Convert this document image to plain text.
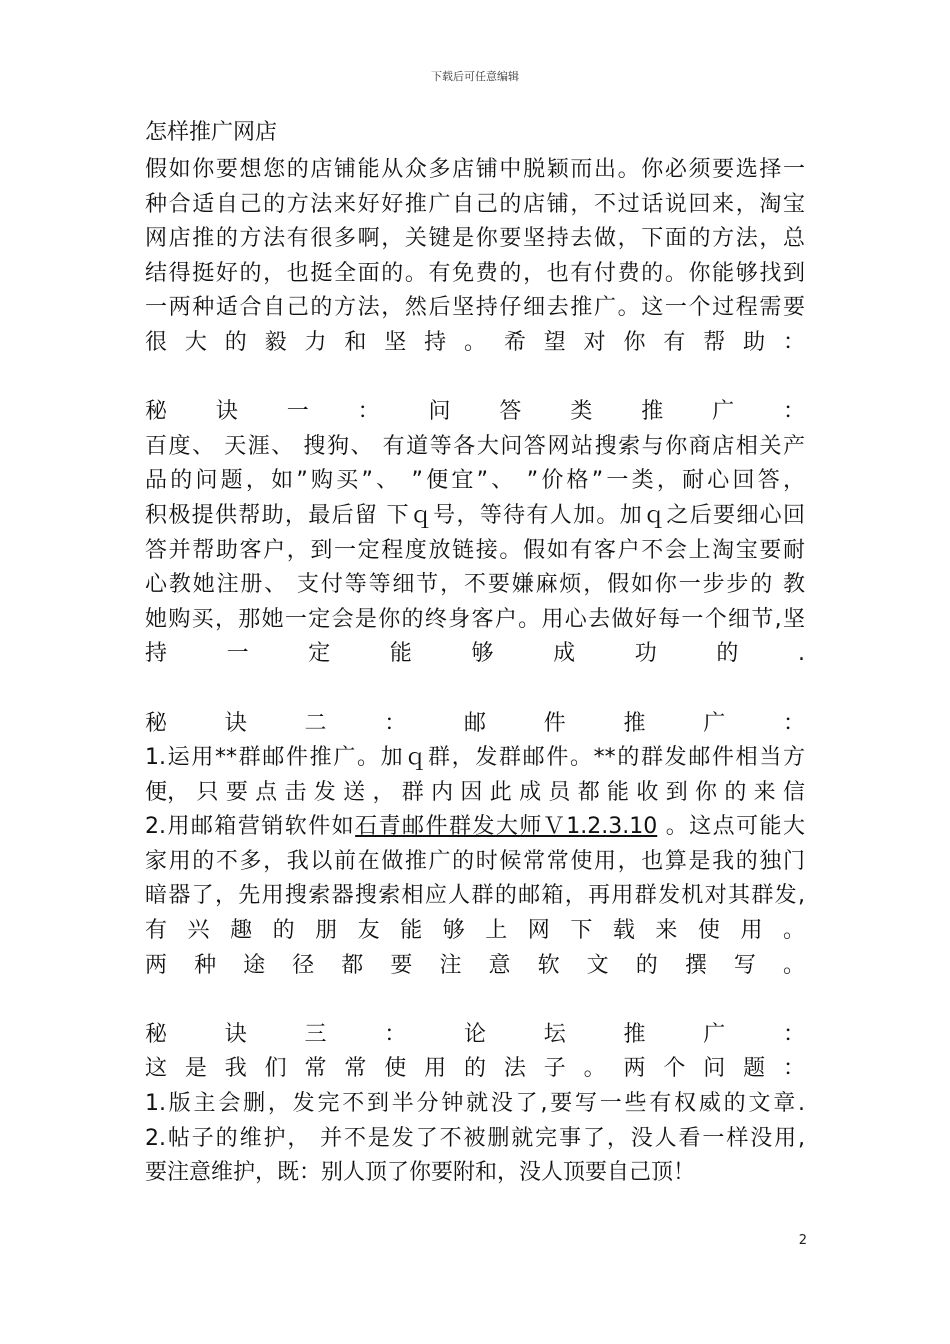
下载后可任意编辑
怎样推广网店
假如你要想您的店铺能从众多店铺中脱颖而出。你必须要选择一
种合适自己的方法来好好推广自己的店铺，不过话说回来，淘宝
网店推的方法有很多啊，关键是你要坚持去做，下面的方法，总
结得挺好的，也挺全面的。有免费的，也有付费的。你能够找到
一两种适合自己的方法，然后坚持仔细去推广。这一个过程需要
很 大 的 毅 力 和 坚 持 。 希 望 对 你 有 帮 助 ：
秘 诀 一 ： 问 答 类 推 广 ：
百度、 天涯、 搜狗、 有道等各大问答网站搜索与你商店相关产
品的问题，如”购买”、 ”便宜”、 ”价格”一类，耐心回答，
积极提供帮助，最后留 下ｑ号，等待有人加。加ｑ之后要细心回
答并帮助客户，到一定程度放链接。假如有客户不会上淘宝要耐
心教她注册、 支付等等细节，不要嫌麻烦，假如你一步步的 教
她购买，那她一定会是你的终身客户。用心去做好每一个细节,坚
持 一 定 能 够 成 功 的 .
秘 诀 二 ： 邮 件 推 广 ：
1.运用**群邮件推广。加ｑ群，发群邮件。**的群发邮件相当方
便， 只 要 点 击 发 送 ， 群 内 因 此 成 员 都 能 收 到 你 的 来 信
2.用邮箱营销软件如石青邮件群发大师Ｖ1.2.3.10 。这点可能大
家用的不多，我以前在做推广的时候常常使用，也算是我的独门
暗器了，先用搜索器搜索相应人群的邮箱，再用群发机对其群发,
有 兴 趣 的 朋 友 能 够 上 网 下 载 来 使 用 。
两 种 途 径 都 要 注 意 软 文 的 撰 写 。
秘 诀 三 ： 论 坛 推 广 ：
这 是 我 们 常 常 使 用 的 法 子 。 两 个 问 题 ：
1.版主会删，发完不到半分钟就没了,要写一些有权威的文章.
2.帖子的维护， 并不是发了不被删就完事了，没人看一样没用,
要注意维护，既：别人顶了你要附和，没人顶要自己顶！
2
